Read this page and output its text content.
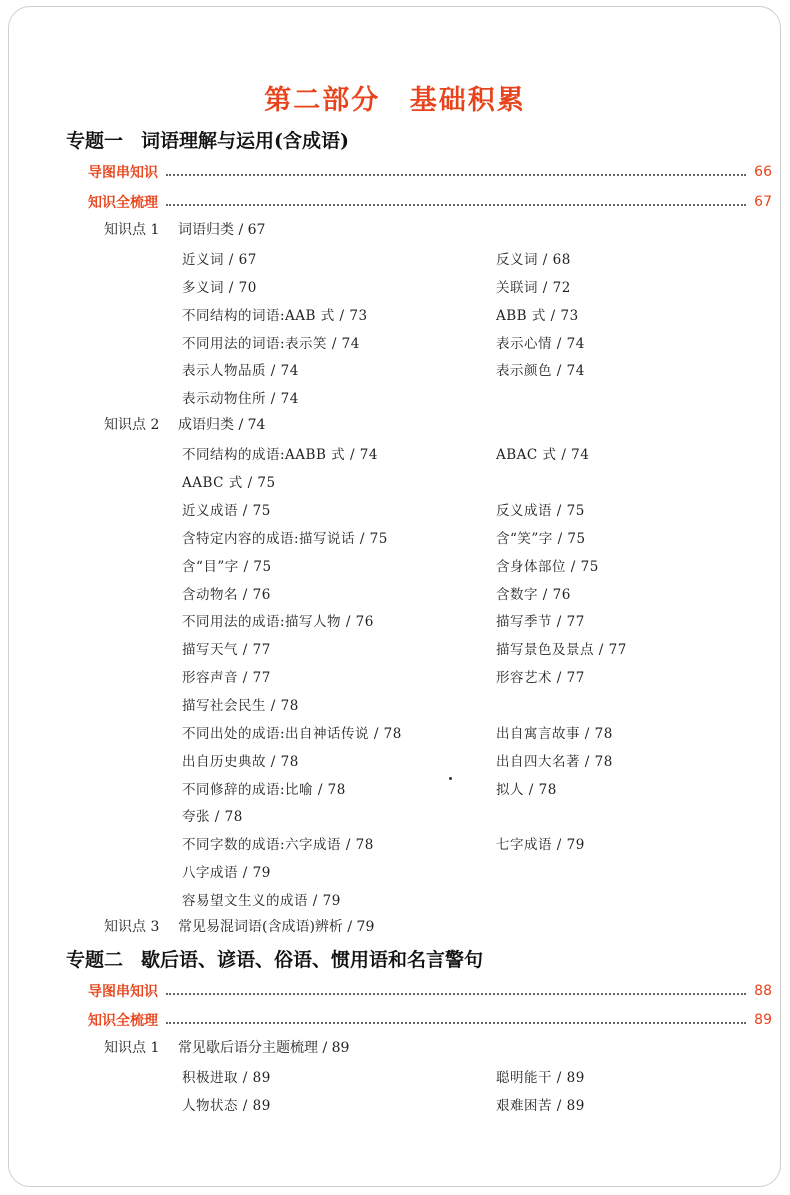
第二部分 基础积累
专题一 词语理解与运用(含成语)
导图串知识	66
知识全梳理	67
知识点 1 词语归类 / 67
近义词 / 67	反义词 / 68
多义词 / 70	关联词 / 72
不同结构的词语:AAB 式 / 73	ABB 式 / 73
不同用法的词语:表示笑 / 74	表示心情 / 74
表示人物品质 / 74	表示颜色 / 74
表示动物住所 / 74
知识点 2 成语归类 / 74
不同结构的成语:AABB 式 / 74	ABAC 式 / 74
AABC 式 / 75
近义成语 / 75	反义成语 / 75
含特定内容的成语:描写说话 / 75	含“笑”字 / 75
含“目”字 / 75	含身体部位 / 75
含动物名 / 76	含数字 / 76
不同用法的成语:描写人物 / 76	描写季节 / 77
描写天气 / 77	描写景色及景点 / 77
形容声音 / 77	形容艺术 / 77
描写社会民生 / 78
不同出处的成语:出自神话传说 / 78	出自寓言故事 / 78
出自历史典故 / 78	出自四大名著 / 78
不同修辞的成语:比喻 / 78	拟人 / 78
夸张 / 78
不同字数的成语:六字成语 / 78	七字成语 / 79
八字成语 / 79
容易望文生义的成语 / 79
知识点 3 常见易混词语(含成语)辨析 / 79
专题二 歇后语、谚语、俗语、惯用语和名言警句
导图串知识	88
知识全梳理	89
知识点 1 常见歇后语分主题梳理 / 89
积极进取 / 89	聪明能干 / 89
人物状态 / 89	艰难困苦 / 89
